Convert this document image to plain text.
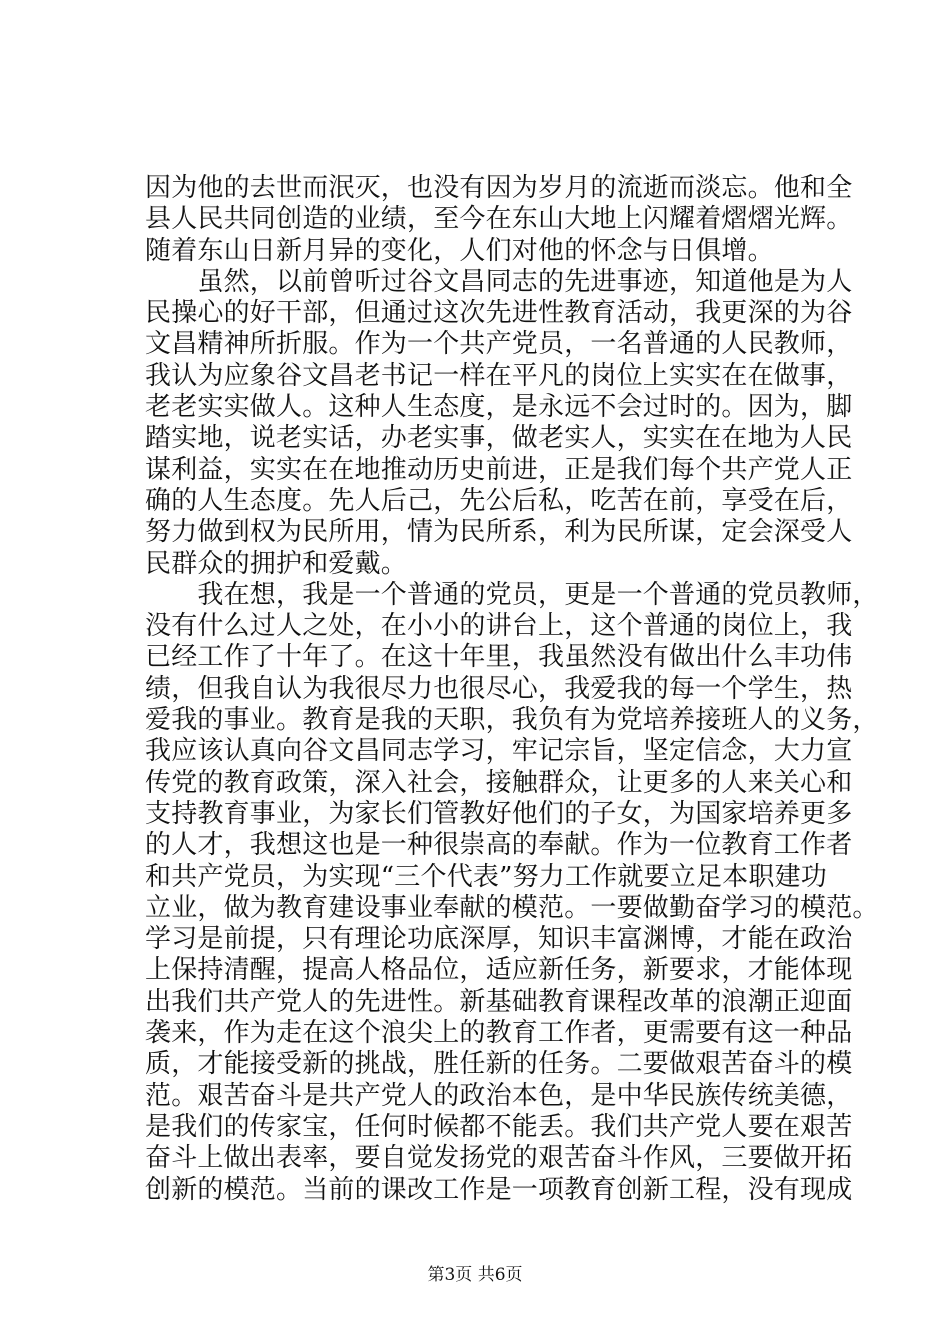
因为他的去世而泯灭，也没有因为岁月的流逝而淡忘。他和全
县人民共同创造的业绩，至今在东山大地上闪耀着熠熠光辉。
随着东山日新月异的变化，人们对他的怀念与日俱增。
　　虽然，以前曾听过谷文昌同志的先进事迹，知道他是为人
民操心的好干部，但通过这次先进性教育活动，我更深的为谷
文昌精神所折服。作为一个共产党员，一名普通的人民教师，
我认为应象谷文昌老书记一样在平凡的岗位上实实在在做事，
老老实实做人。这种人生态度，是永远不会过时的。因为，脚
踏实地，说老实话，办老实事，做老实人，实实在在地为人民
谋利益，实实在在地推动历史前进，正是我们每个共产党人正
确的人生态度。先人后己，先公后私，吃苦在前，享受在后，
努力做到权为民所用，情为民所系，利为民所谋，定会深受人
民群众的拥护和爱戴。
　　我在想，我是一个普通的党员，更是一个普通的党员教师，
没有什么过人之处，在小小的讲台上，这个普通的岗位上，我
已经工作了十年了。在这十年里，我虽然没有做出什么丰功伟
绩，但我自认为我很尽力也很尽心，我爱我的每一个学生，热
爱我的事业。教育是我的天职，我负有为党培养接班人的义务，
我应该认真向谷文昌同志学习，牢记宗旨，坚定信念，大力宣
传党的教育政策，深入社会，接触群众，让更多的人来关心和
支持教育事业，为家长们管教好他们的子女，为国家培养更多
的人才，我想这也是一种很崇高的奉献。作为一位教育工作者
和共产党员，为实现“三个代表”努力工作就要立足本职建功
立业，做为教育建设事业奉献的模范。一要做勤奋学习的模范。
学习是前提，只有理论功底深厚，知识丰富渊博，才能在政治
上保持清醒，提高人格品位，适应新任务，新要求，才能体现
出我们共产党人的先进性。新基础教育课程改革的浪潮正迎面
袭来，作为走在这个浪尖上的教育工作者，更需要有这一种品
质，才能接受新的挑战，胜任新的任务。二要做艰苦奋斗的模
范。艰苦奋斗是共产党人的政治本色，是中华民族传统美德，
是我们的传家宝，任何时候都不能丢。我们共产党人要在艰苦
奋斗上做出表率，要自觉发扬党的艰苦奋斗作风，三要做开拓
创新的模范。当前的课改工作是一项教育创新工程，没有现成
第3页 共6页
